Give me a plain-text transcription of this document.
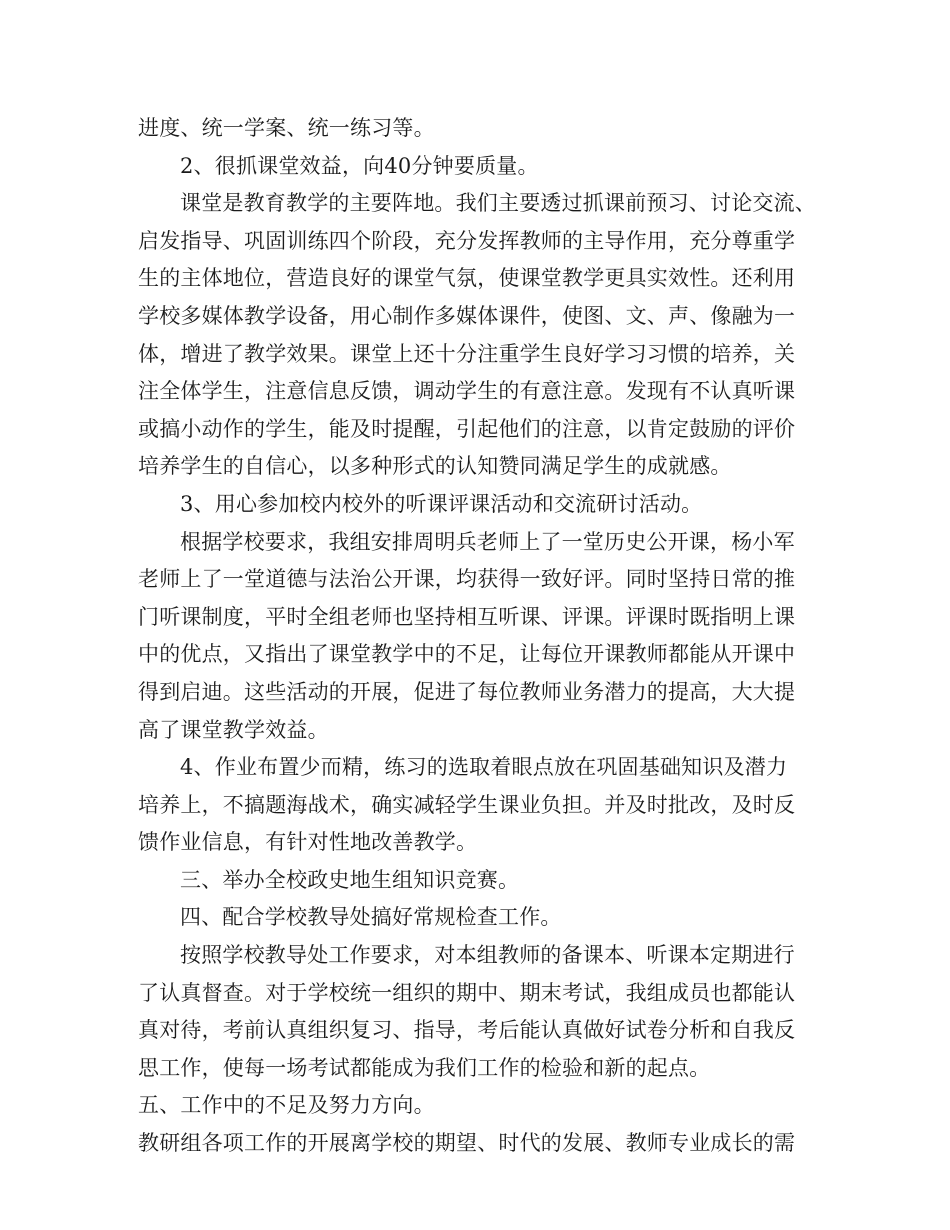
进度、统一学案、统一练习等。
2、很抓课堂效益，向40分钟要质量。
课堂是教育教学的主要阵地。我们主要透过抓课前预习、讨论交流、
启发指导、巩固训练四个阶段，充分发挥教师的主导作用，充分尊重学
生的主体地位，营造良好的课堂气氛，使课堂教学更具实效性。还利用
学校多媒体教学设备，用心制作多媒体课件，使图、文、声、像融为一
体，增进了教学效果。课堂上还十分注重学生良好学习习惯的培养，关
注全体学生，注意信息反馈，调动学生的有意注意。发现有不认真听课
或搞小动作的学生，能及时提醒，引起他们的注意，以肯定鼓励的评价
培养学生的自信心，以多种形式的认知赞同满足学生的成就感。
3、用心参加校内校外的听课评课活动和交流研讨活动。
根据学校要求，我组安排周明兵老师上了一堂历史公开课，杨小军
老师上了一堂道德与法治公开课，均获得一致好评。同时坚持日常的推
门听课制度，平时全组老师也坚持相互听课、评课。评课时既指明上课
中的优点，又指出了课堂教学中的不足，让每位开课教师都能从开课中
得到启迪。这些活动的开展，促进了每位教师业务潜力的提高，大大提
高了课堂教学效益。
4、作业布置少而精，练习的选取着眼点放在巩固基础知识及潜力
培养上，不搞题海战术，确实减轻学生课业负担。并及时批改，及时反
馈作业信息，有针对性地改善教学。
三、举办全校政史地生组知识竞赛。
四、配合学校教导处搞好常规检查工作。
按照学校教导处工作要求，对本组教师的备课本、听课本定期进行
了认真督查。对于学校统一组织的期中、期末考试，我组成员也都能认
真对待，考前认真组织复习、指导，考后能认真做好试卷分析和自我反
思工作，使每一场考试都能成为我们工作的检验和新的起点。
五、工作中的不足及努力方向。
教研组各项工作的开展离学校的期望、时代的发展、教师专业成长的需
